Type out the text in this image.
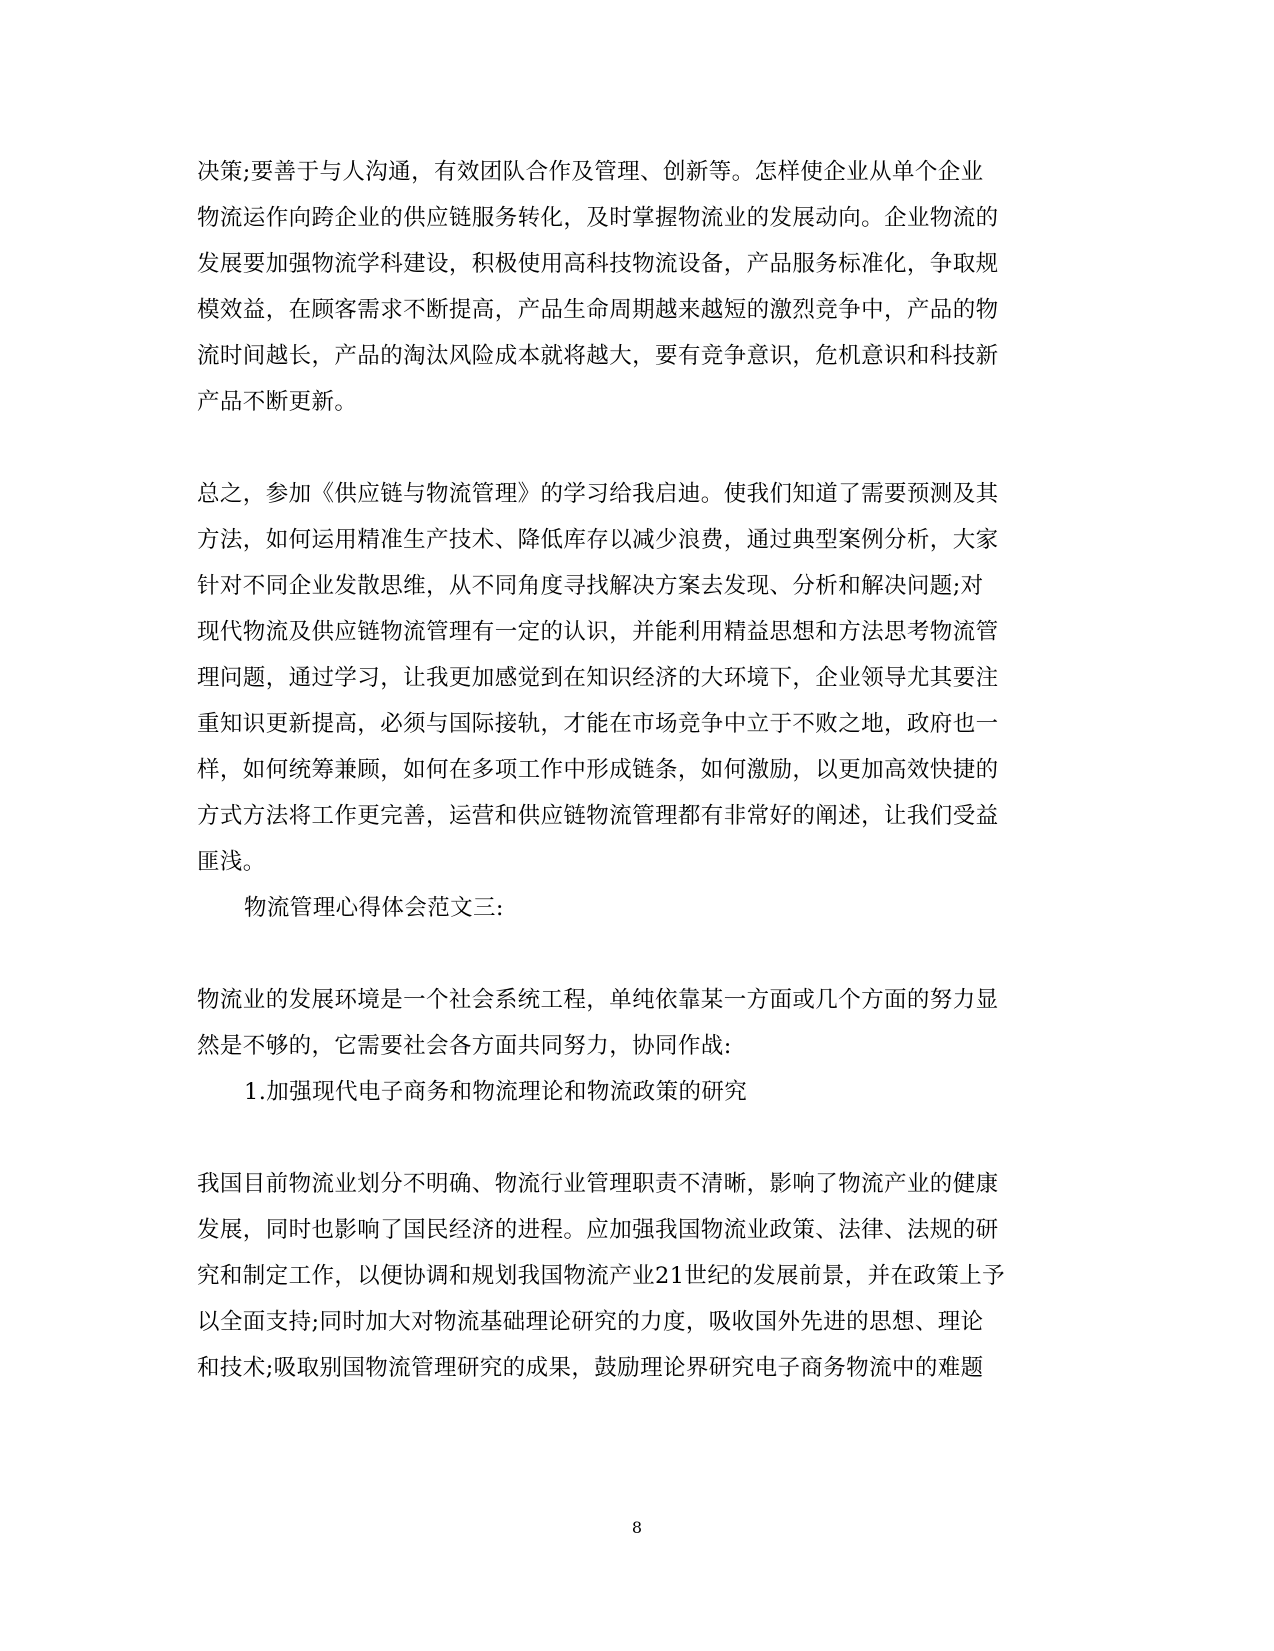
决策;要善于与人沟通，有效团队合作及管理、创新等。怎样使企业从单个企业
物流运作向跨企业的供应链服务转化，及时掌握物流业的发展动向。企业物流的
发展要加强物流学科建设，积极使用高科技物流设备，产品服务标准化，争取规
模效益，在顾客需求不断提高，产品生命周期越来越短的激烈竞争中，产品的物
流时间越长，产品的淘汰风险成本就将越大，要有竞争意识，危机意识和科技新
产品不断更新。
总之，参加《供应链与物流管理》的学习给我启迪。使我们知道了需要预测及其
方法，如何运用精准生产技术、降低库存以减少浪费，通过典型案例分析，大家
针对不同企业发散思维，从不同角度寻找解决方案去发现、分析和解决问题;对
现代物流及供应链物流管理有一定的认识，并能利用精益思想和方法思考物流管
理问题，通过学习，让我更加感觉到在知识经济的大环境下，企业领导尤其要注
重知识更新提高，必须与国际接轨，才能在市场竞争中立于不败之地，政府也一
样，如何统筹兼顾，如何在多项工作中形成链条，如何激励，以更加高效快捷的
方式方法将工作更完善，运营和供应链物流管理都有非常好的阐述，让我们受益
匪浅。
物流管理心得体会范文三:
物流业的发展环境是一个社会系统工程，单纯依靠某一方面或几个方面的努力显
然是不够的，它需要社会各方面共同努力，协同作战:
1.加强现代电子商务和物流理论和物流政策的研究
我国目前物流业划分不明确、物流行业管理职责不清晰，影响了物流产业的健康
发展，同时也影响了国民经济的进程。应加强我国物流业政策、法律、法规的研
究和制定工作，以便协调和规划我国物流产业21世纪的发展前景，并在政策上予
以全面支持;同时加大对物流基础理论研究的力度，吸收国外先进的思想、理论
和技术;吸取别国物流管理研究的成果，鼓励理论界研究电子商务物流中的难题
8
